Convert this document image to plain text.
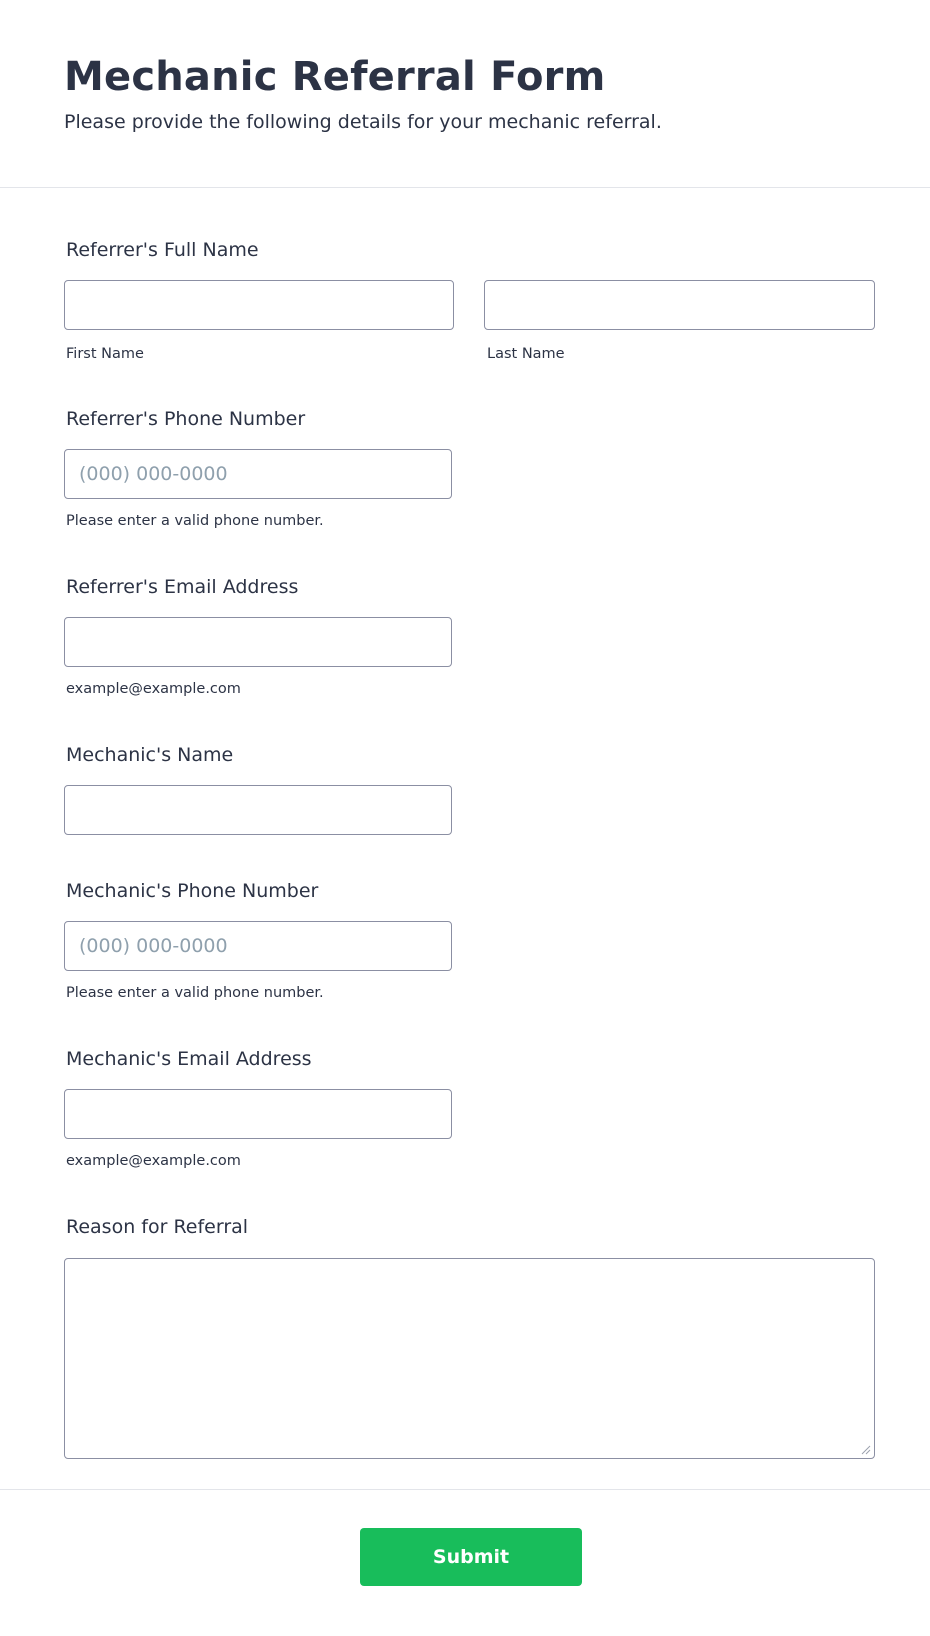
Mechanic Referral Form

Please provide the following details for your mechanic referral.

Referrer's Full Name
First Name	Last Name
Referrer's Phone Number
(000) 000-0000
Please enter a valid phone number.
Referrer's Email Address
example@example.com
Mechanic's Name
Mechanic's Phone Number
(000) 000-0000
Please enter a valid phone number.
Mechanic's Email Address
example@example.com
Reason for Referral
Submit
